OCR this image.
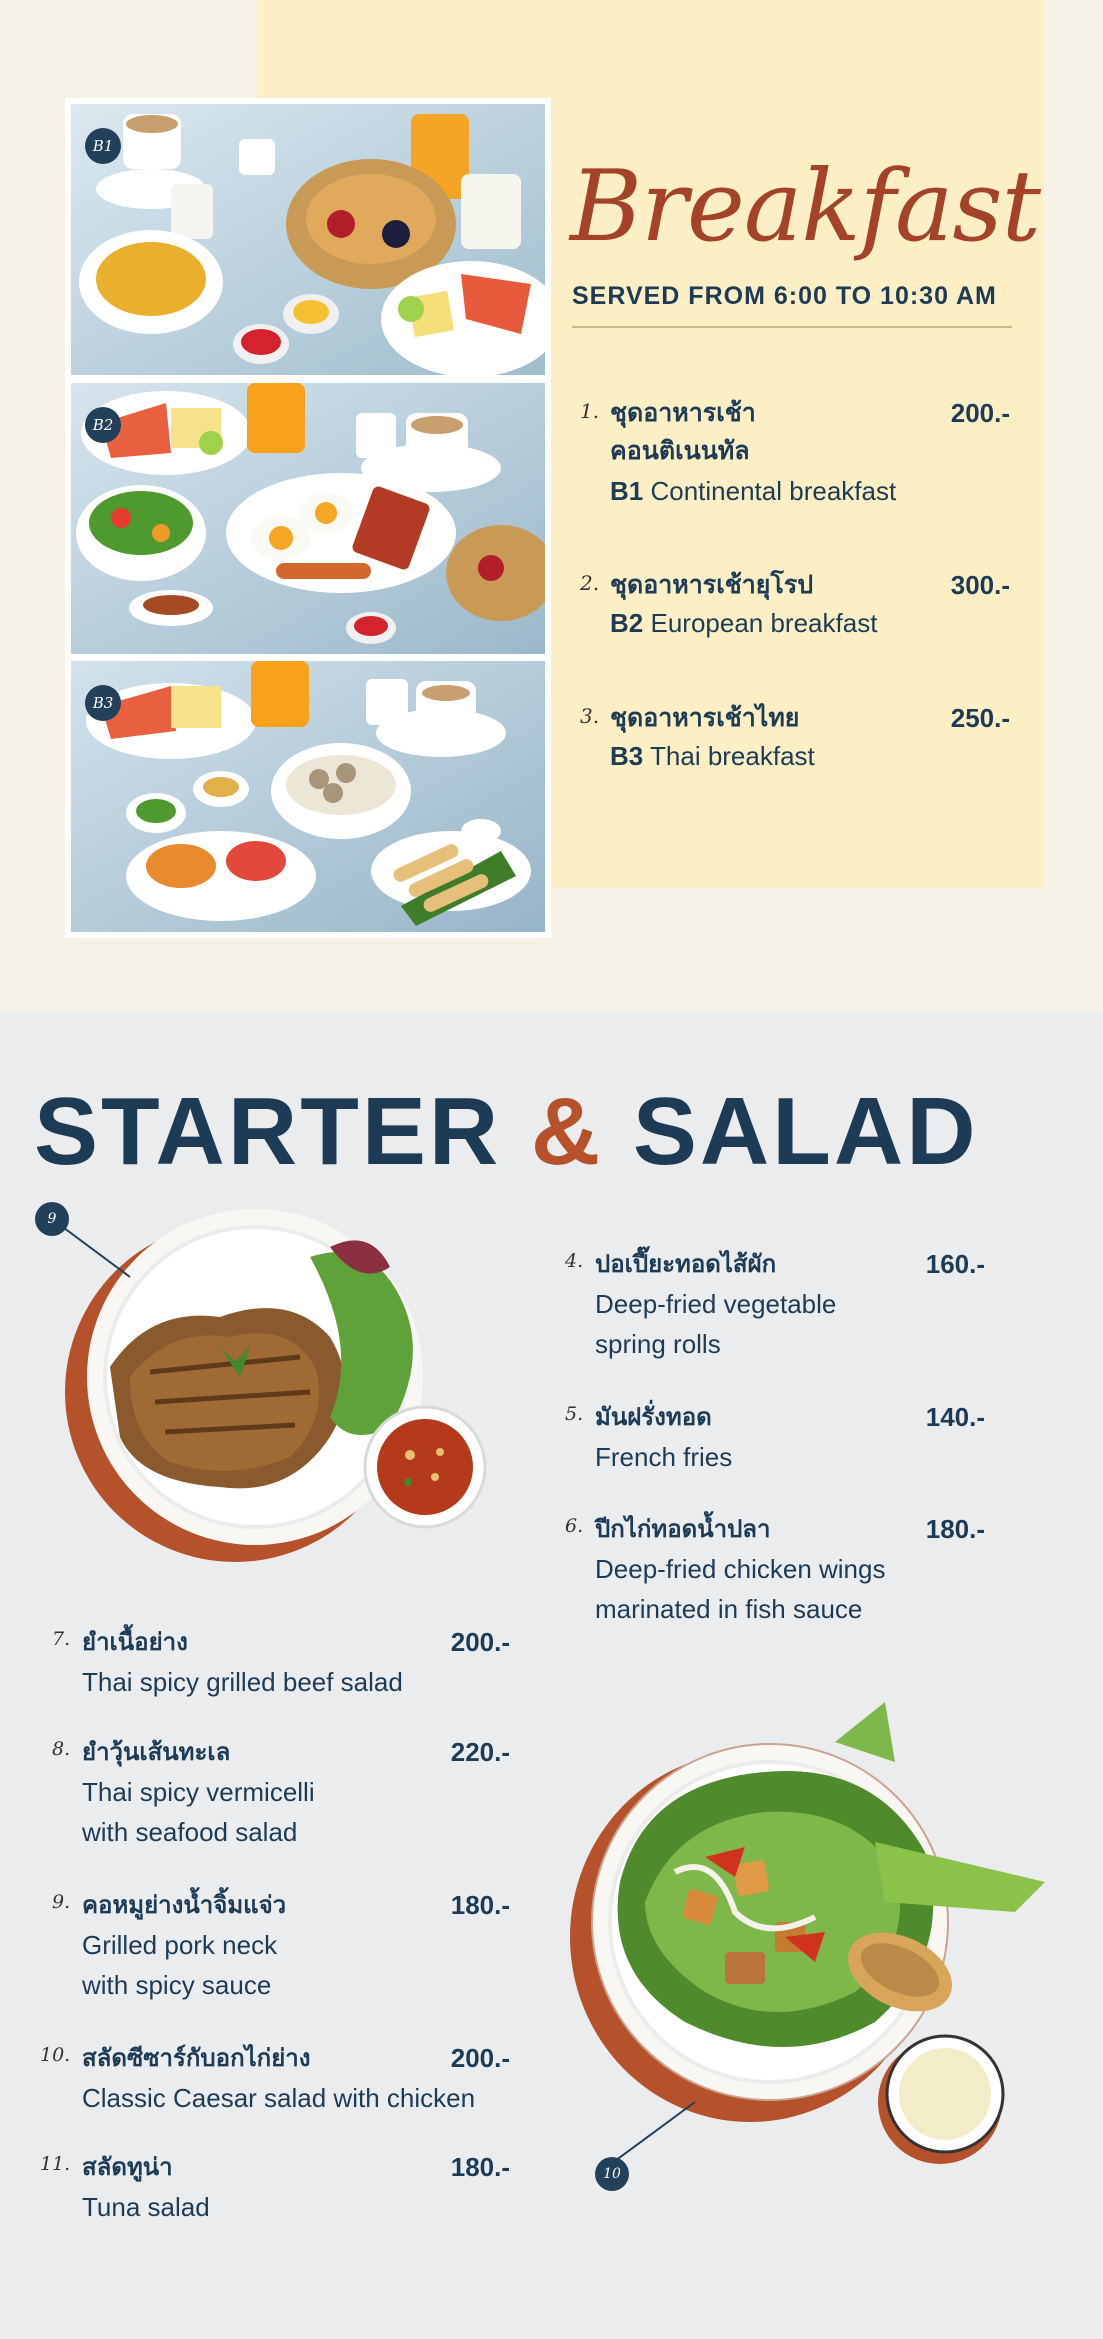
B1
B2
B3
Breakfast
SERVED FROM 6:00 TO 10:30 AM
1. ชุดอาหารเช้า
คอนติเนนทัล
200.-
B1 Continental breakfast
2. ชุดอาหารเช้ายุโรป	300.-
B2 European breakfast
3. ชุดอาหารเช้าไทย	250.-
B3 Thai breakfast
STARTER & SALAD
9
10
4. ปอเปี๊ยะทอดไส้ผัก	160.-
Deep-fried vegetable
spring rolls
5. มันฝรั่งทอด	140.-
French fries
6. ปีกไก่ทอดน้ำปลา	180.-
Deep-fried chicken wings
marinated in fish sauce
7. ยำเนื้อย่าง	200.-
Thai spicy grilled beef salad
8. ยำวุ้นเส้นทะเล	220.-
Thai spicy vermicelli
with seafood salad
9. คอหมูย่างน้ำจิ้มแจ่ว	180.-
Grilled pork neck
with spicy sauce
10. สลัดซีซาร์กับอกไก่ย่าง	200.-
Classic Caesar salad with chicken
11. สลัดทูน่า	180.-
Tuna salad
